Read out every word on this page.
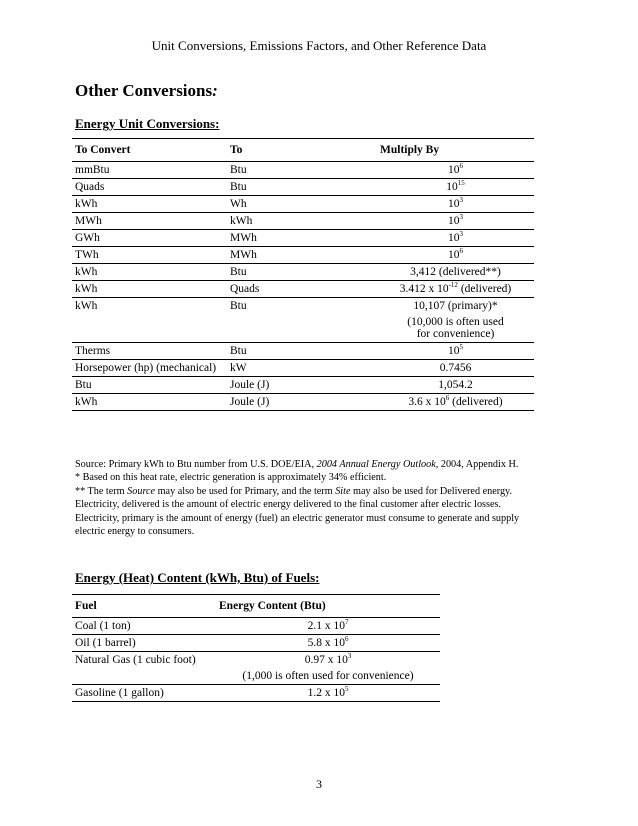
Unit Conversions, Emissions Factors, and Other Reference Data
Other Conversions:
Energy Unit Conversions:
To Convert	To	Multiply By
mmBtu	Btu	$10^6$

Quads	Btu	$10^{15}$

kWh	Wh	$10^3$

MWh	kWh	$10^3$

GWh	MWh	$10^3$

TWh	MWh	$10^6$

kWh	Btu	3,412 (delivered**)

kWh	Quads	3.412 x $10^{-12}$ (delivered)

kWh	Btu	10,107 (primary)*
(10,000 is often used for convenience)

Therms	Btu	$10^5$

Horsepower (hp) (mechanical)	kW	0.7456

Btu	Joule (J)	1,054.2

kWh	Joule (J)	3.6 x $10^6$ (delivered)
Source: Primary kWh to Btu number from U.S. DOE/EIA, 2004 Annual Energy Outlook, 2004, Appendix H.
* Based on this heat rate, electric generation is approximately 34% efficient.
** The term Source may also be used for Primary, and the term Site may also be used for Delivered energy.
Electricity, delivered is the amount of electric energy delivered to the final customer after electric losses.
Electricity, primary is the amount of energy (fuel) an electric generator must consume to generate and supply electric energy to consumers.
Energy (Heat) Content (kWh, Btu) of Fuels:
Fuel	Energy Content (Btu)
Coal (1 ton)	2.1 x $10^7$

Oil (1 barrel)	5.8 x $10^6$

Natural Gas (1 cubic foot)	0.97 x $10^3$
(1,000 is often used for convenience)

Gasoline (1 gallon)	1.2 x $10^5$
3
